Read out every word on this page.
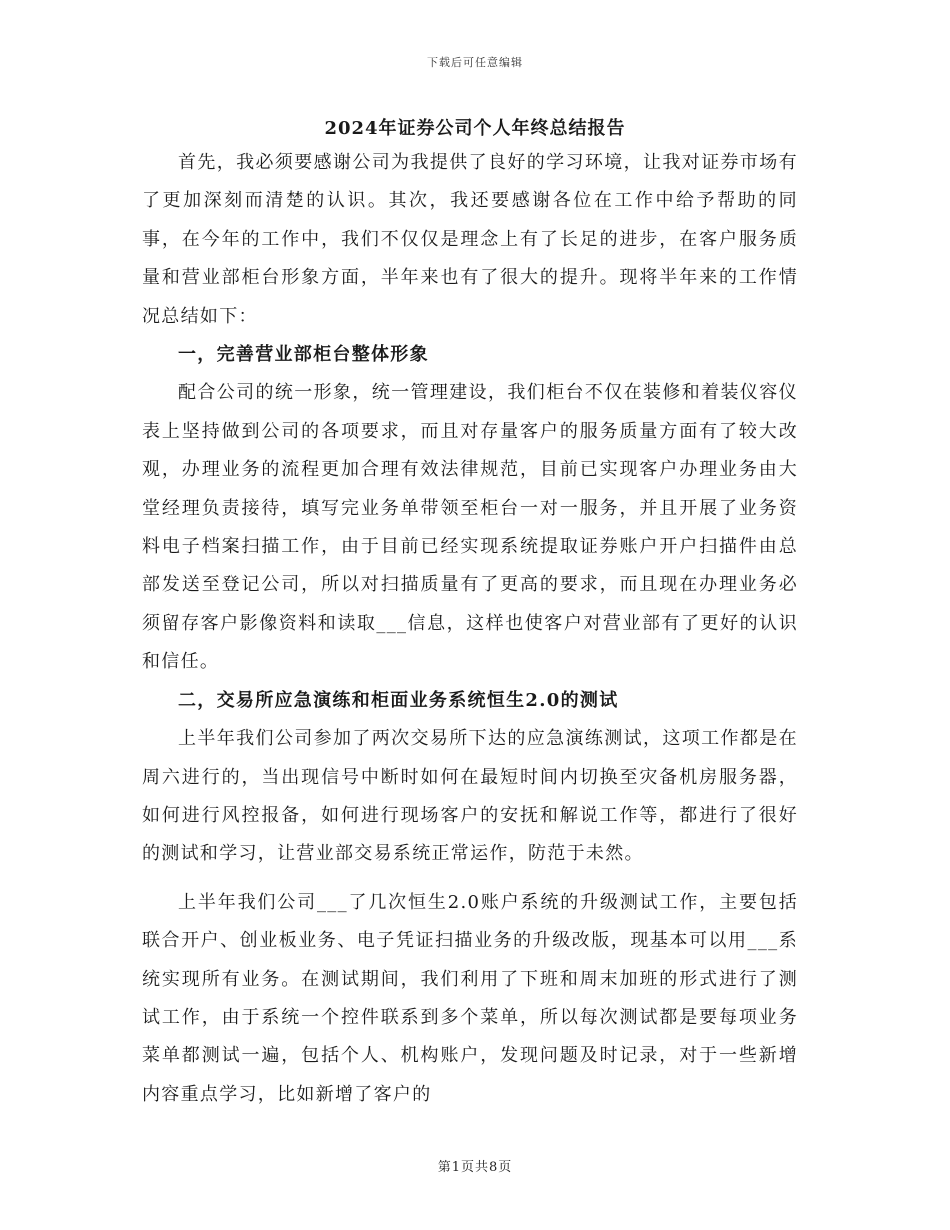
下载后可任意编辑
2024年证券公司个人年终总结报告

首先，我必须要感谢公司为我提供了良好的学习环境，让我对证券市场有了更加深刻而清楚的认识。其次，我还要感谢各位在工作中给予帮助的同事，在今年的工作中，我们不仅仅是理念上有了长足的进步，在客户服务质量和营业部柜台形象方面，半年来也有了很大的提升。现将半年来的工作情况总结如下：

一，完善营业部柜台整体形象

配合公司的统一形象，统一管理建设，我们柜台不仅在装修和着装仪容仪表上坚持做到公司的各项要求，而且对存量客户的服务质量方面有了较大改观，办理业务的流程更加合理有效法律规范，目前已实现客户办理业务由大堂经理负责接待，填写完业务单带领至柜台一对一服务，并且开展了业务资料电子档案扫描工作，由于目前已经实现系统提取证券账户开户扫描件由总部发送至登记公司，所以对扫描质量有了更高的要求，而且现在办理业务必须留存客户影像资料和读取___信息，这样也使客户对营业部有了更好的认识和信任。

二，交易所应急演练和柜面业务系统恒生2.0的测试

上半年我们公司参加了两次交易所下达的应急演练测试，这项工作都是在周六进行的，当出现信号中断时如何在最短时间内切换至灾备机房服务器，如何进行风控报备，如何进行现场客户的安抚和解说工作等，都进行了很好的测试和学习，让营业部交易系统正常运作，防范于未然。

上半年我们公司___了几次恒生2.0账户系统的升级测试工作，主要包括联合开户、创业板业务、电子凭证扫描业务的升级改版，现基本可以用___系统实现所有业务。在测试期间，我们利用了下班和周末加班的形式进行了测试工作，由于系统一个控件联系到多个菜单，所以每次测试都是要每项业务菜单都测试一遍，包括个人、机构账户，发现问题及时记录，对于一些新增内容重点学习，比如新增了客户的

第1页共8页
